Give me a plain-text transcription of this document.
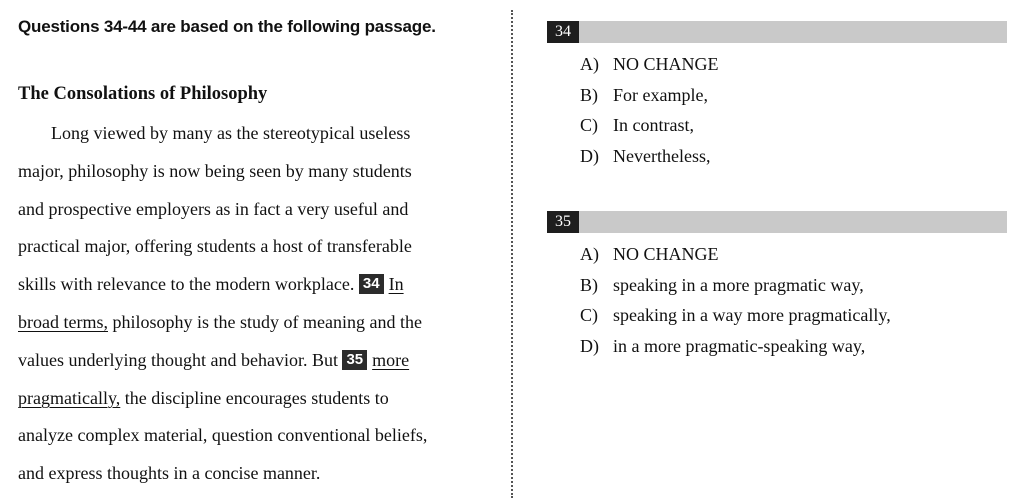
Questions 34-44 are based on the following passage.
The Consolations of Philosophy
Long viewed by many as the stereotypical useless
major, philosophy is now being seen by many students
and prospective employers as in fact a very useful and
practical major, offering students a host of transferable
skills with relevance to the modern workplace. 34 In
broad terms, philosophy is the study of meaning and the
values underlying thought and behavior. But 35 more
pragmatically, the discipline encourages students to
analyze complex material, question conventional beliefs,
and express thoughts in a concise manner.
34
A) NO CHANGE
B) For example,
C) In contrast,
D) Nevertheless,
35
A) NO CHANGE
B) speaking in a more pragmatic way,
C) speaking in a way more pragmatically,
D) in a more pragmatic-speaking way,
